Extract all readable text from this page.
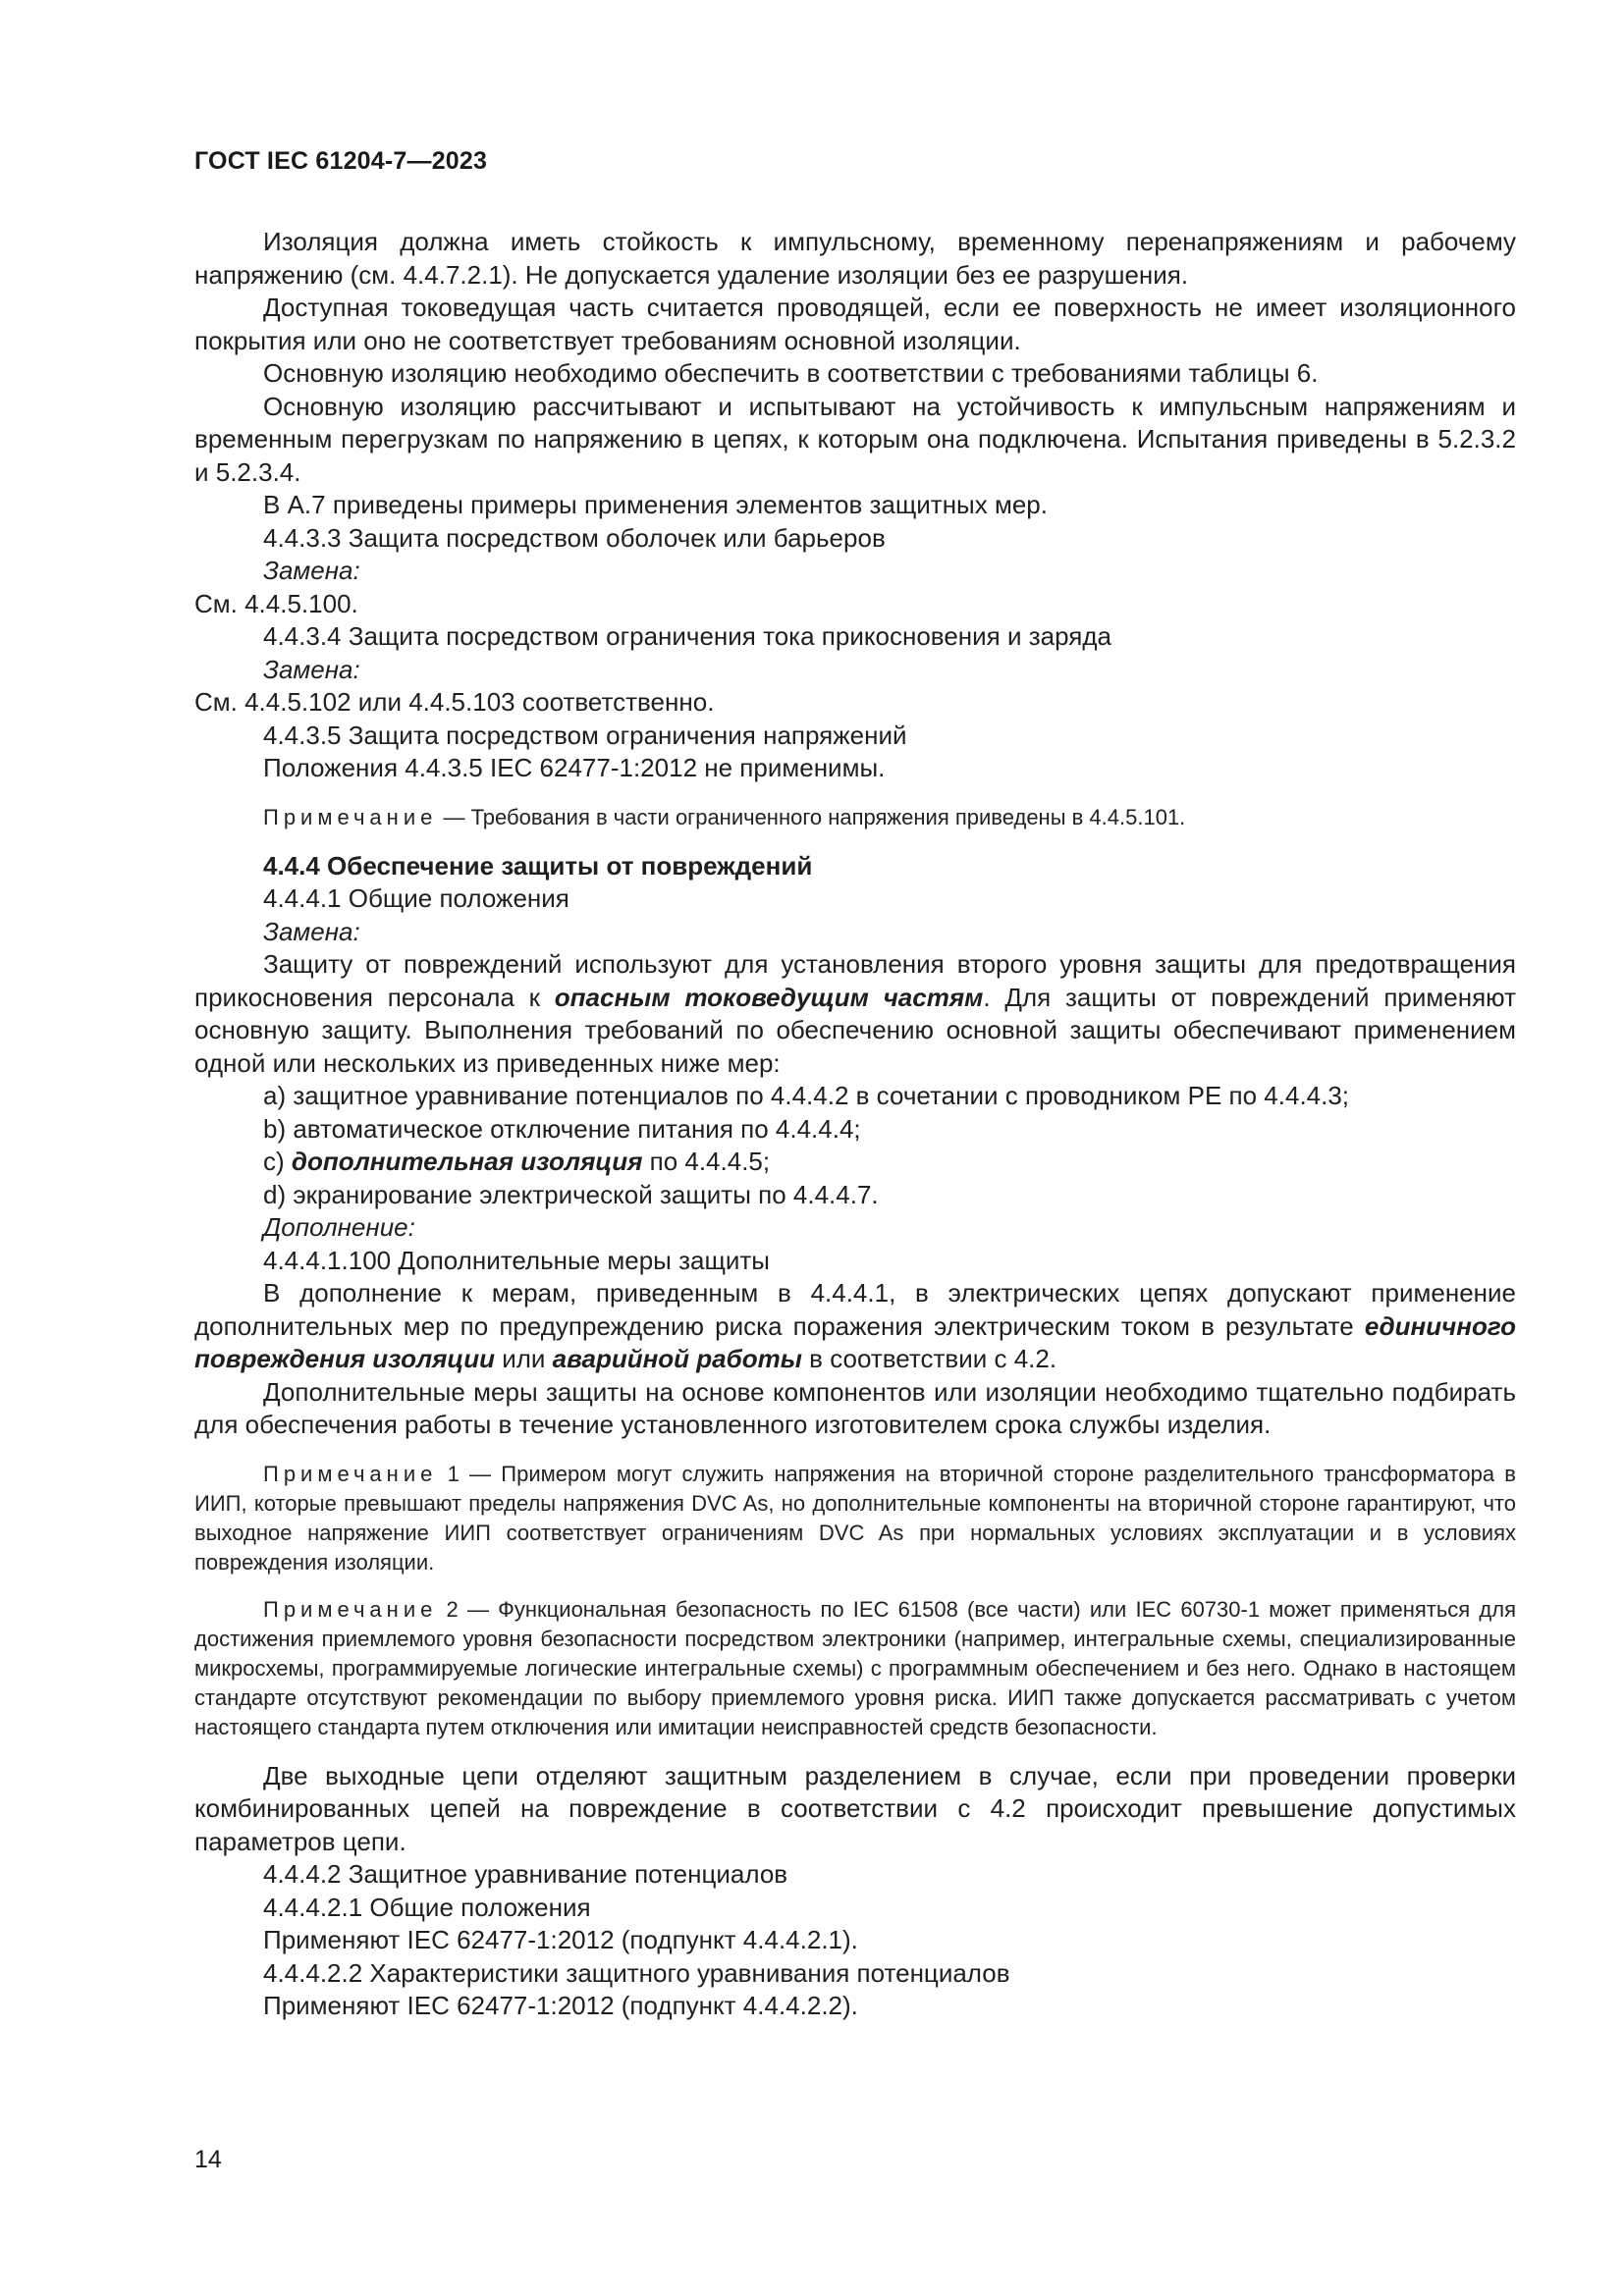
ГОСТ IEC 61204-7—2023

Изоляция должна иметь стойкость к импульсному, временному перенапряжениям и рабочему напряжению (см. 4.4.7.2.1). Не допускается удаление изоляции без ее разрушения.

Доступная токоведущая часть считается проводящей, если ее поверхность не имеет изоляционного покрытия или оно не соответствует требованиям основной изоляции.

Основную изоляцию необходимо обеспечить в соответствии с требованиями таблицы 6.

Основную изоляцию рассчитывают и испытывают на устойчивость к импульсным напряжениям и временным перегрузкам по напряжению в цепях, к которым она подключена. Испытания приведены в 5.2.3.2 и 5.2.3.4.

В А.7 приведены примеры применения элементов защитных мер.

4.4.3.3 Защита посредством оболочек или барьеров

Замена:

См. 4.4.5.100.

4.4.3.4 Защита посредством ограничения тока прикосновения и заряда

Замена:

См. 4.4.5.102 или 4.4.5.103 соответственно.

4.4.3.5 Защита посредством ограничения напряжений

Положения 4.4.3.5 IEC 62477-1:2012 не применимы.

Примечание — Требования в части ограниченного напряжения приведены в 4.4.5.101.

4.4.4 Обеспечение защиты от повреждений

4.4.4.1 Общие положения

Замена:

Защиту от повреждений используют для установления второго уровня защиты для предотвращения прикосновения персонала к опасным токоведущим частям. Для защиты от повреждений применяют основную защиту. Выполнения требований по обеспечению основной защиты обеспечивают применением одной или нескольких из приведенных ниже мер:

a) защитное уравнивание потенциалов по 4.4.4.2 в сочетании с проводником PE по 4.4.4.3;

b) автоматическое отключение питания по 4.4.4.4;

c) дополнительная изоляция по 4.4.4.5;

d) экранирование электрической защиты по 4.4.4.7.

Дополнение:

4.4.4.1.100 Дополнительные меры защиты

В дополнение к мерам, приведенным в 4.4.4.1, в электрических цепях допускают применение дополнительных мер по предупреждению риска поражения электрическим током в результате единичного повреждения изоляции или аварийной работы в соответствии с 4.2.

Дополнительные меры защиты на основе компонентов или изоляции необходимо тщательно подбирать для обеспечения работы в течение установленного изготовителем срока службы изделия.

Примечание 1 — Примером могут служить напряжения на вторичной стороне разделительного трансформатора в ИИП, которые превышают пределы напряжения DVC As, но дополнительные компоненты на вторичной стороне гарантируют, что выходное напряжение ИИП соответствует ограничениям DVC As при нормальных условиях эксплуатации и в условиях повреждения изоляции.

Примечание 2 — Функциональная безопасность по IEC 61508 (все части) или IEC 60730-1 может применяться для достижения приемлемого уровня безопасности посредством электроники (например, интегральные схемы, специализированные микросхемы, программируемые логические интегральные схемы) с программным обеспечением и без него. Однако в настоящем стандарте отсутствуют рекомендации по выбору приемлемого уровня риска. ИИП также допускается рассматривать с учетом настоящего стандарта путем отключения или имитации неисправностей средств безопасности.

Две выходные цепи отделяют защитным разделением в случае, если при проведении проверки комбинированных цепей на повреждение в соответствии с 4.2 происходит превышение допустимых параметров цепи.

4.4.4.2 Защитное уравнивание потенциалов

4.4.4.2.1 Общие положения

Применяют IEC 62477-1:2012 (подпункт 4.4.4.2.1).

4.4.4.2.2 Характеристики защитного уравнивания потенциалов

Применяют IEC 62477-1:2012 (подпункт 4.4.4.2.2).

14
